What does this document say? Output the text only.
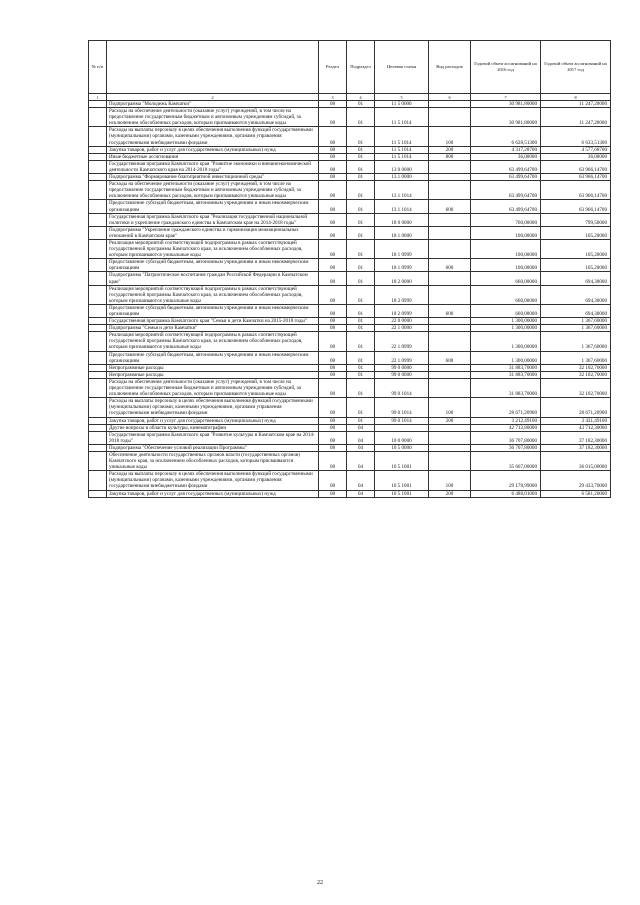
№ п/п		Раздел	Подраздел	Целевая статья	Вид расходов	Годовой объем ассигнований на 2016 год	Годовой объем ассигнований на 2017 год
1	2	3	4	5	6	7	8
	Подпрограмма "Молодежь Камчатки"	08	01	11 5 0000		30 981,80000	11 247,20000
	Расходы на обеспечение деятельности (оказание услуг) учреждений, в том числе на предоставление государственным бюджетным и автономным учреждениям субсидий, за исключением обособленных расходов, которым присваиваются уникальные коды	08	01	11 5 1014		30 981,80000	11 247,20000
	Расходы на выплаты персоналу в целях обеспечения выполнения функций государственными (муниципальными) органами, казенными учреждениями, органами управления государственными внебюджетными фондами	08	01	11 5 1014	100	6 628,51300	6 633,51300
	Закупка товаров, работ и услуг для государственных (муниципальных) нужд	08	01	11 5 1014	200	4 317,28700	4 577,68700
	Иные бюджетные ассигнования	08	01	11 5 1014	800	36,00000	36,00000
	Государственная программа Камчатского края "Развитие экономики и внешнеэкономической деятельности Камчатского края на 2014-2018 годы"	08	01	13 0 0000		63 499,64700	63 966,14700
	Подпрограмма "Формирование благоприятной инвестиционной среды"	08	01	13 1 0000		63 499,64700	63 966,14700
	Расходы на обеспечение деятельности (оказание услуг) учреждений, в том числе на предоставление государственным бюджетным и автономным учреждениям субсидий, за исключением обособленных расходов, которым присваиваются уникальные коды	08	01	13 1 1014		63 499,64700	63 966,14700
	Предоставление субсидий бюджетным, автономным учреждениям и иным некоммерческим организациям	08	01	13 1 1014	600	63 499,64700	63 966,14700
	Государственная программа Камчатского края "Реализация государственной национальной политики и укрепление гражданского единства в Камчатском крае на 2014-2018 годы"	08	01	18 0 0000		760,00000	799,50000
	Подпрограмма "Укрепление гражданского единства и гармонизация межнациональных отношений в Камчатском крае"	08	01	18 1 0000		100,00000	105,20000
	Реализация мероприятий соответствующей подпрограммы в рамках соответствующей государственной программы Камчатского края, за исключением обособленных расходов, которым присваиваются уникальные коды	08	01	18 1 0999		100,00000	105,20000
	Предоставление субсидий бюджетным, автономным учреждениям и иным некоммерческим организациям	08	01	18 1 0999	600	100,00000	105,20000
	Подпрограмма "Патриотическое воспитание граждан Российской Федерации в Камчатском крае"	08	01	18 2 0000		660,00000	694,30000
	Реализация мероприятий соответствующей подпрограммы в рамках соответствующей государственной программы Камчатского края, за исключением обособленных расходов, которым присваиваются уникальные коды	08	01	18 2 0999		660,00000	694,30000
	Предоставление субсидий бюджетным, автономным учреждениям и иным некоммерческим организациям	08	01	18 2 0999	600	660,00000	694,30000
	Государственная программа Камчатского края "Семья и дети Камчатки на 2015-2018 годы"	08	01	22 0 0000		1 300,00000	1 367,60000
	Подпрограмма "Семья и дети Камчатки"	08	01	22 1 0000		1 300,00000	1 367,60000
	Реализация мероприятий соответствующей подпрограммы в рамках соответствующей государственной программы Камчатского края, за исключением обособленных расходов, которым присваиваются уникальные коды	08	01	22 1 0999		1 300,00000	1 367,60000
	Предоставление субсидий бюджетным, автономным учреждениям и иным некоммерческим организациям	08	01	22 1 0999	600	1 300,00000	1 367,60000
	Непрограммные расходы	08	01	99 0 0000		31 883,70000	32 102,70000
	Непрограммные расходы	08	01	99 0 0000		31 883,70000	32 102,70000
	Расходы на обеспечение деятельности (оказание услуг) учреждений, в том числе на предоставление государственным бюджетным и автономным учреждениям субсидий, за исключением обособленных расходов, которым присваиваются уникальные коды	08	01	99 0 1014		31 883,70000	32 102,70000
	Расходы на выплаты персоналу в целях обеспечения выполнения функций государственными (муниципальными) органами, казенными учреждениями, органами управления государственными внебюджетными фондами	08	01	99 0 1014	100	28 671,20900	28 671,20900
	Закупка товаров, работ и услуг для государственных (муниципальных) нужд	08	01	99 0 1014	200	3 212,49100	3 431,49100
	Другие вопросы в области культуры, кинематографии	08	04			42 712,80000	43 712,30000
	Государственная программа Камчатского края "Развитие культуры в Камчатском крае на 2014-2018 годы"	08	04	10 0 0000		36 707,80000	37 182,30000
	Подпрограмма "Обеспечение условий реализации Программы"	08	04	10 5 0000		36 707,80000	37 182,30000
	Обеспечение деятельности государственных органов власти (государственных органов) Камчатского края, за исключением обособленных расходов, которым присваиваются уникальные коды	08	04	10 5 1001		35 667,00000	36 015,00000
	Расходы на выплаты персоналу в целях обеспечения выполнения функций государственными (муниципальными) органами, казенными учреждениями, органами управления государственными внебюджетными фондами	08	04	10 5 1001	100	29 178,99000	29 433,70000
	Закупка товаров, работ и услуг для государственных (муниципальных) нужд	08	04	10 5 1001	200	6 488,01000	6 581,20000
22
